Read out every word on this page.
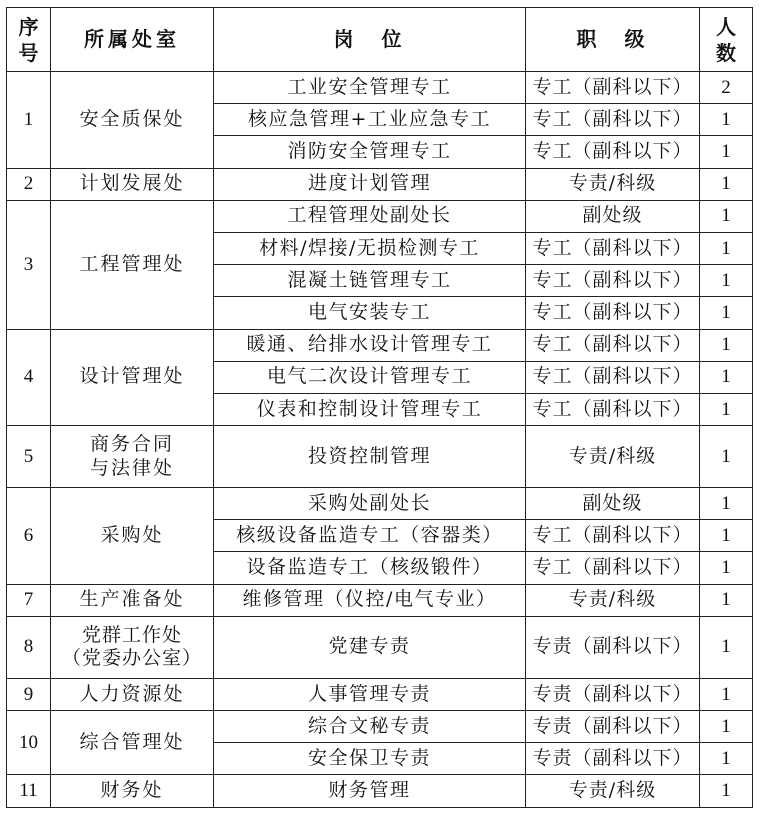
序号	所属处室	岗　位	职　级	人数

1	安全质保处	工业安全管理专工	专工（副科以下）	2
		核应急管理+工业应急专工	专工（副科以下）	1
		消防安全管理专工	专工（副科以下）	1
2	计划发展处	进度计划管理	专责/科级	1
3	工程管理处	工程管理处副处长	副处级	1
		材料/焊接/无损检测专工	专工（副科以下）	1
		混凝土链管理专工	专工（副科以下）	1
		电气安装专工	专工（副科以下）	1
4	设计管理处	暖通、给排水设计管理专工	专工（副科以下）	1
		电气二次设计管理专工	专工（副科以下）	1
		仪表和控制设计管理专工	专工（副科以下）	1
5	商务合同
与法律处	投资控制管理	专责/科级	1
6	采购处	采购处副处长	副处级	1
		核级设备监造专工（容器类）	专工（副科以下）	1
		设备监造专工（核级锻件）	专工（副科以下）	1
7	生产准备处	维修管理（仪控/电气专业）	专责/科级	1
8	党群工作处
（党委办公室）	党建专责	专责（副科以下）	1
9	人力资源处	人事管理专责	专责（副科以下）	1
10	综合管理处	综合文秘专责	专责（副科以下）	1
		安全保卫专责	专责（副科以下）	1
11	财务处	财务管理	专责/科级	1
